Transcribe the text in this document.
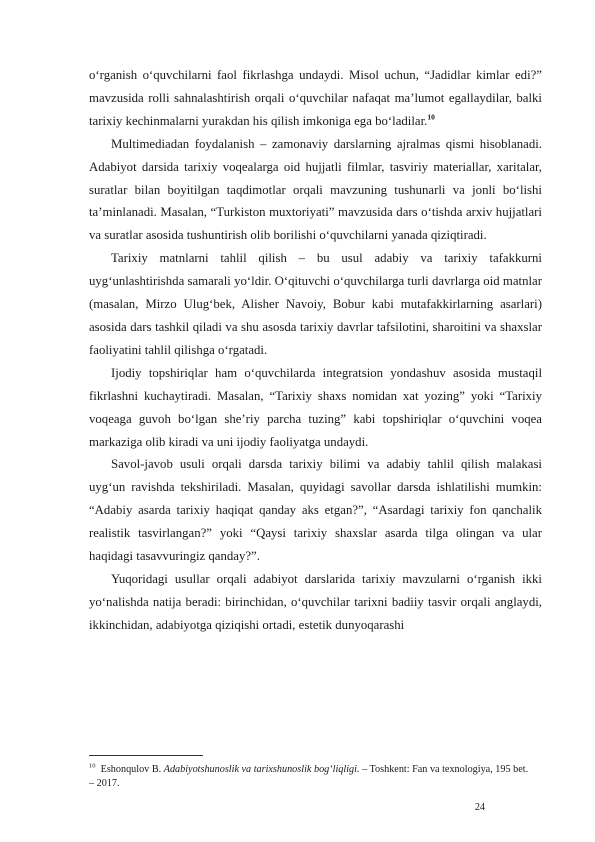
o‘rganish o‘quvchilarni faol fikrlashga undaydi. Misol uchun, “Jadidlar kimlar edi?” mavzusida rolli sahnalashtirish orqali o‘quvchilar nafaqat ma’lumot egallaydilar, balki tarixiy kechinmalarni yurakdan his qilish imkoniga ega bo‘ladilar.$^{10}$

Multimediadan foydalanish – zamonaviy darslarning ajralmas qismi hisoblanadi. Adabiyot darsida tarixiy voqealarga oid hujjatli filmlar, tasviriy materiallar, xaritalar, suratlar bilan boyitilgan taqdimotlar orqali mavzuning tushunarli va jonli bo‘lishi ta’minlanadi. Masalan, “Turkiston muxtoriyati” mavzusida dars o‘tishda arxiv hujjatlari va suratlar asosida tushuntirish olib borilishi o‘quvchilarni yanada qiziqtiradi.

Tarixiy matnlarni tahlil qilish – bu usul adabiy va tarixiy tafakkurni uyg‘unlashtirishda samarali yo‘ldir. O‘qituvchi o‘quvchilarga turli davrlarga oid matnlar (masalan, Mirzo Ulug‘bek, Alisher Navoiy, Bobur kabi mutafakkirlarning asarlari) asosida dars tashkil qiladi va shu asosda tarixiy davrlar tafsilotini, sharoitini va shaxslar faoliyatini tahlil qilishga o‘rgatadi.

Ijodiy topshiriqlar ham o‘quvchilarda integratsion yondashuv asosida mustaqil fikrlashni kuchaytiradi. Masalan, “Tarixiy shaxs nomidan xat yozing” yoki “Tarixiy voqeaga guvoh bo‘lgan she’riy parcha tuzing” kabi topshiriqlar o‘quvchini voqea markaziga olib kiradi va uni ijodiy faoliyatga undaydi.

Savol-javob usuli orqali darsda tarixiy bilimi va adabiy tahlil qilish malakasi uyg‘un ravishda tekshiriladi. Masalan, quyidagi savollar darsda ishlatilishi mumkin: “Adabiy asarda tarixiy haqiqat qanday aks etgan?”, “Asardagi tarixiy fon qanchalik realistik tasvirlangan?” yoki “Qaysi tarixiy shaxslar asarda tilga olingan va ular haqidagi tasavvuringiz qanday?”.

Yuqoridagi usullar orqali adabiyot darslarida tarixiy mavzularni o‘rganish ikki yo‘nalishda natija beradi: birinchidan, o‘quvchilar tarixni badiiy tasvir orqali anglaydi, ikkinchidan, adabiyotga qiziqishi ortadi, estetik dunyoqarashi

$^{10}$ Eshonqulov B. Adabiyotshunoslik va tarixshunoslik bog‘liqligi. – Toshkent: Fan va texnologiya, 195 bet. – 2017.
24
